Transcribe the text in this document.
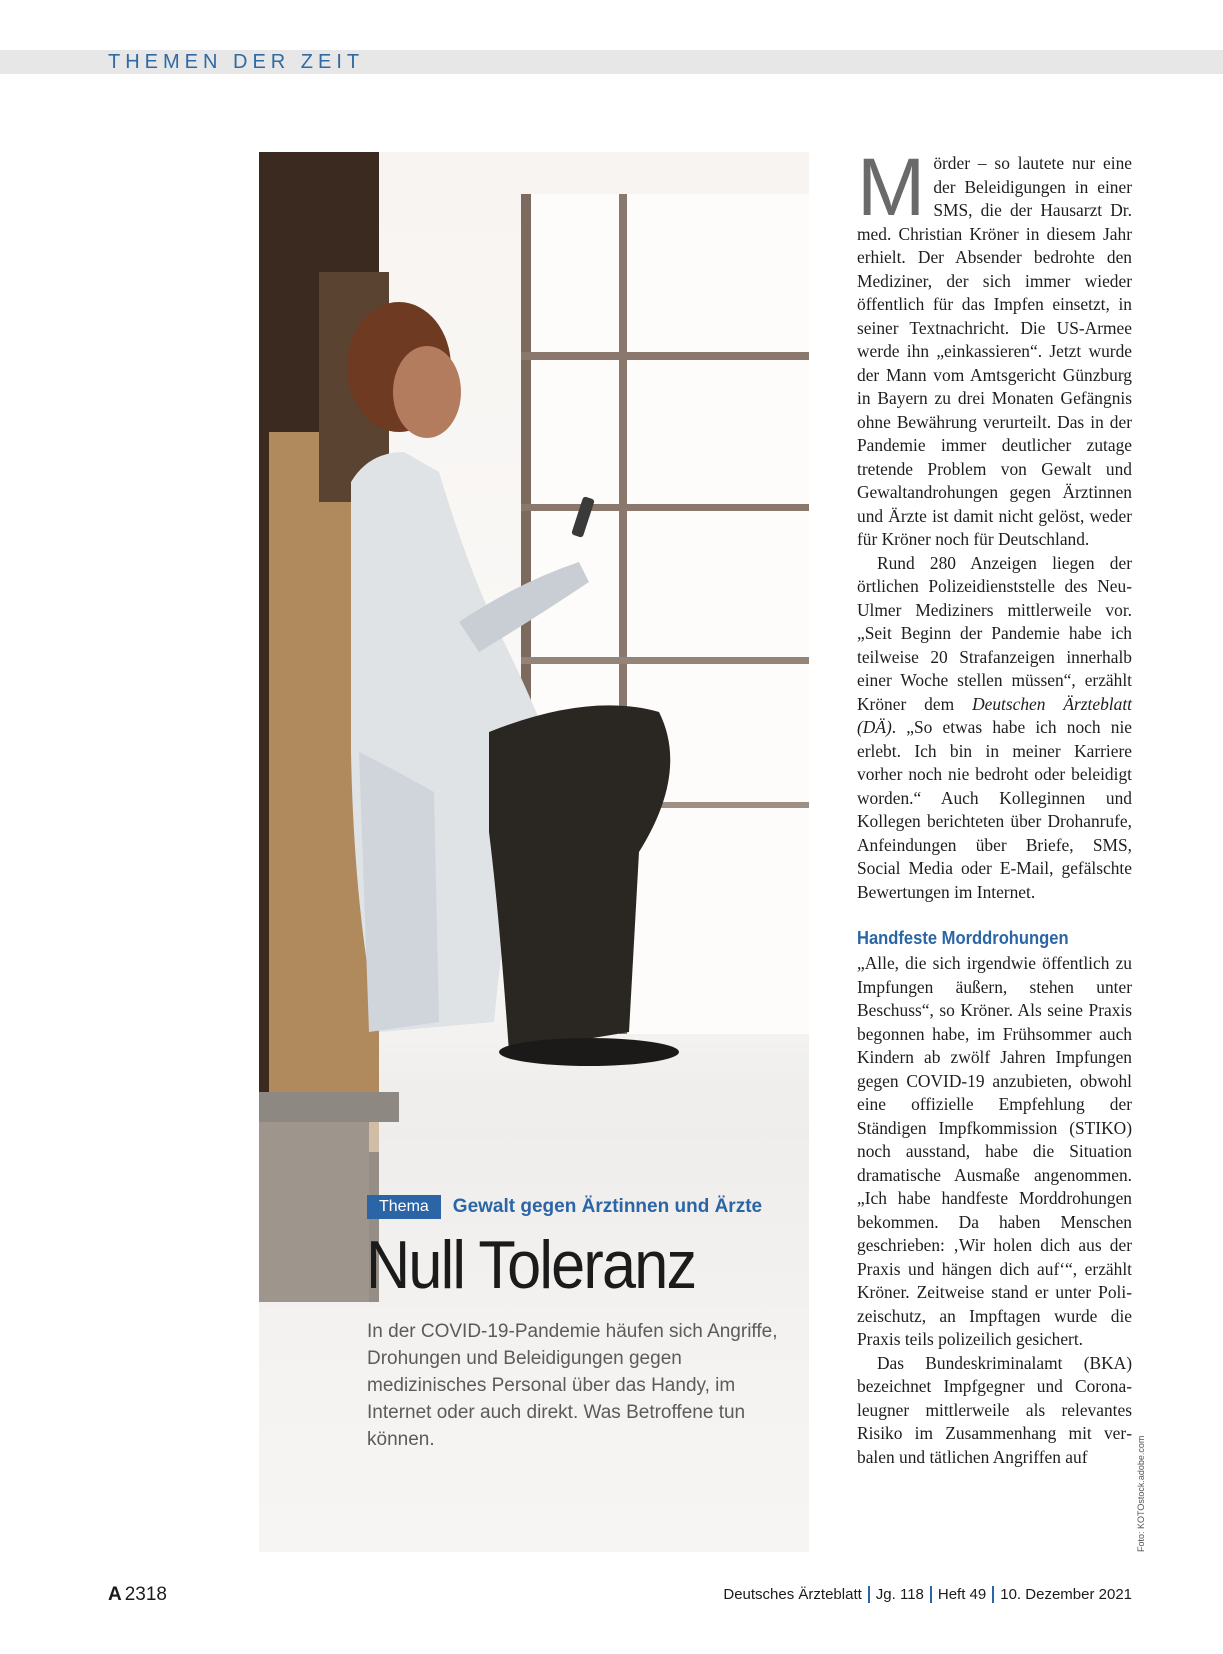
THEMEN DER ZEIT
Thema	Gewalt gegen Ärztinnen und Ärzte
Null Toleranz
In der COVID-19-Pandemie häufen sich Angriffe, Drohungen und Beleidigungen gegen medizinisches Personal über das Handy, im Internet oder auch direkt. Was Betroffene tun können.

Mörder – so lautete nur eine der Beleidigungen in einer SMS, die der Hausarzt Dr. med. Christian Kröner in diesem Jahr erhielt. Der Absender bedrohte den Mediziner, der sich immer wieder öffentlich für das Impfen einsetzt, in seiner Textnachricht. Die US-Armee werde ihn „einkassieren“. Jetzt wurde der Mann vom Amtsgericht Günzburg in Bayern zu drei Monaten Gefängnis ohne Bewährung verurteilt. Das in der Pandemie immer deutlicher zutage tretende Problem von Gewalt und Gewaltandrohungen gegen Ärztinnen und Ärzte ist damit nicht gelöst, weder für Kröner noch für Deutschland.

Rund 280 Anzeigen liegen der örtlichen Polizeidienststelle des Neu-Ulmer Mediziners mittlerweile vor. „Seit Beginn der Pandemie habe ich teilweise 20 Strafanzeigen innerhalb einer Woche stellen müssen“, erzählt Kröner dem Deutschen Ärzteblatt (DÄ). „So etwas habe ich noch nie erlebt. Ich bin in meiner Karriere vorher noch nie bedroht oder beleidigt worden.“ Auch Kolleginnen und Kollegen berichteten über Drohanrufe, Anfeindungen über Briefe, SMS, Social Media oder E-Mail, gefälschte Bewertungen im Internet.

Handfeste Morddrohungen

„Alle, die sich irgendwie öffentlich zu Impfungen äußern, stehen unter Beschuss“, so Kröner. Als seine Praxis begonnen habe, im Frühsommer auch Kindern ab zwölf Jahren Impfungen gegen COVID-19 anzubieten, obwohl eine offizielle Empfehlung der Ständigen Impfkommission (STIKO) noch ausstand, habe die Situation dramatische Ausmaße angenommen. „Ich habe handfeste Morddrohungen bekommen. Da haben Menschen geschrieben: ‚Wir holen dich aus der Praxis und hängen dich auf‘“, erzählt Kröner. Zeitweise stand er unter Polizeischutz, an Impftagen wurde die Praxis teils polizeilich gesichert.

Das Bundeskriminalamt (BKA) bezeichnet Impfgegner und Coronaleugner mittlerweile als relevantes Risiko im Zusammenhang mit verbalen und tätlichen Angriffen auf	Foto: KOTOstock.adobe.com
A 2318	Deutsches Ärzteblatt Jg. 118 Heft 49 10. Dezember 2021
